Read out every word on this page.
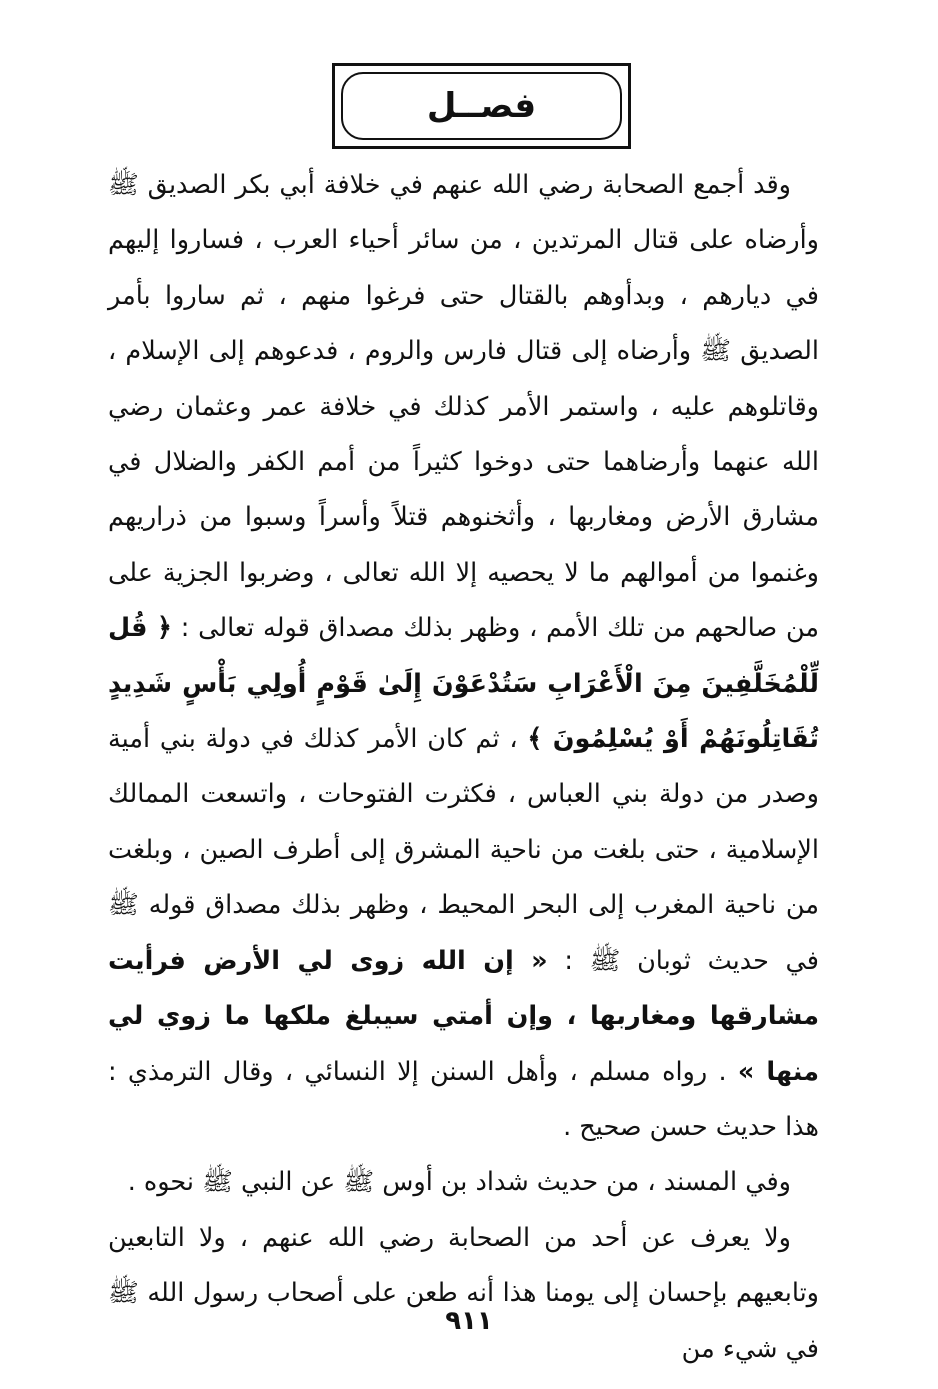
فصــل

وقد أجمع الصحابة رضي الله عنهم في خلافة أبي بكر الصديق ﷺ وأرضاه على قتال المرتدين ، من سائر أحياء العرب ، فساروا إليهم في ديارهم ، وبدأوهم بالقتال حتى فرغوا منهم ، ثم ساروا بأمر الصديق ﷺ وأرضاه إلى قتال فارس والروم ، فدعوهم إلى الإسلام ، وقاتلوهم عليه ، واستمر الأمر كذلك في خلافة عمر وعثمان رضي الله عنهما وأرضاهما حتى دوخوا كثيراً من أمم الكفر والضلال في مشارق الأرض ومغاربها ، وأثخنوهم قتلاً وأسراً وسبوا من ذراريهم وغنموا من أموالهم ما لا يحصيه إلا الله تعالى ، وضربوا الجزية على من صالحهم من تلك الأمم ، وظهر بذلك مصداق قوله تعالى : ﴿ قُل لِّلْمُخَلَّفِينَ مِنَ الْأَعْرَابِ سَتُدْعَوْنَ إِلَىٰ قَوْمٍ أُولِي بَأْسٍ شَدِيدٍ تُقَاتِلُونَهُمْ أَوْ يُسْلِمُونَ ﴾ ، ثم كان الأمر كذلك في دولة بني أمية وصدر من دولة بني العباس ، فكثرت الفتوحات ، واتسعت الممالك الإسلامية ، حتى بلغت من ناحية المشرق إلى أطرف الصين ، وبلغت من ناحية المغرب إلى البحر المحيط ، وظهر بذلك مصداق قوله ﷺ في حديث ثوبان ﷺ : « إن الله زوى لي الأرض فرأيت مشارقها ومغاربها ، وإن أمتي سيبلغ ملكها ما زوي لي منها » . رواه مسلم ، وأهل السنن إلا النسائي ، وقال الترمذي : هذا حديث حسن صحيح .

وفي المسند ، من حديث شداد بن أوس ﷺ عن النبي ﷺ نحوه .

ولا يعرف عن أحد من الصحابة رضي الله عنهم ، ولا التابعين وتابعيهم بإحسان إلى يومنا هذا أنه طعن على أصحاب رسول الله ﷺ في شيء من

٩١١
